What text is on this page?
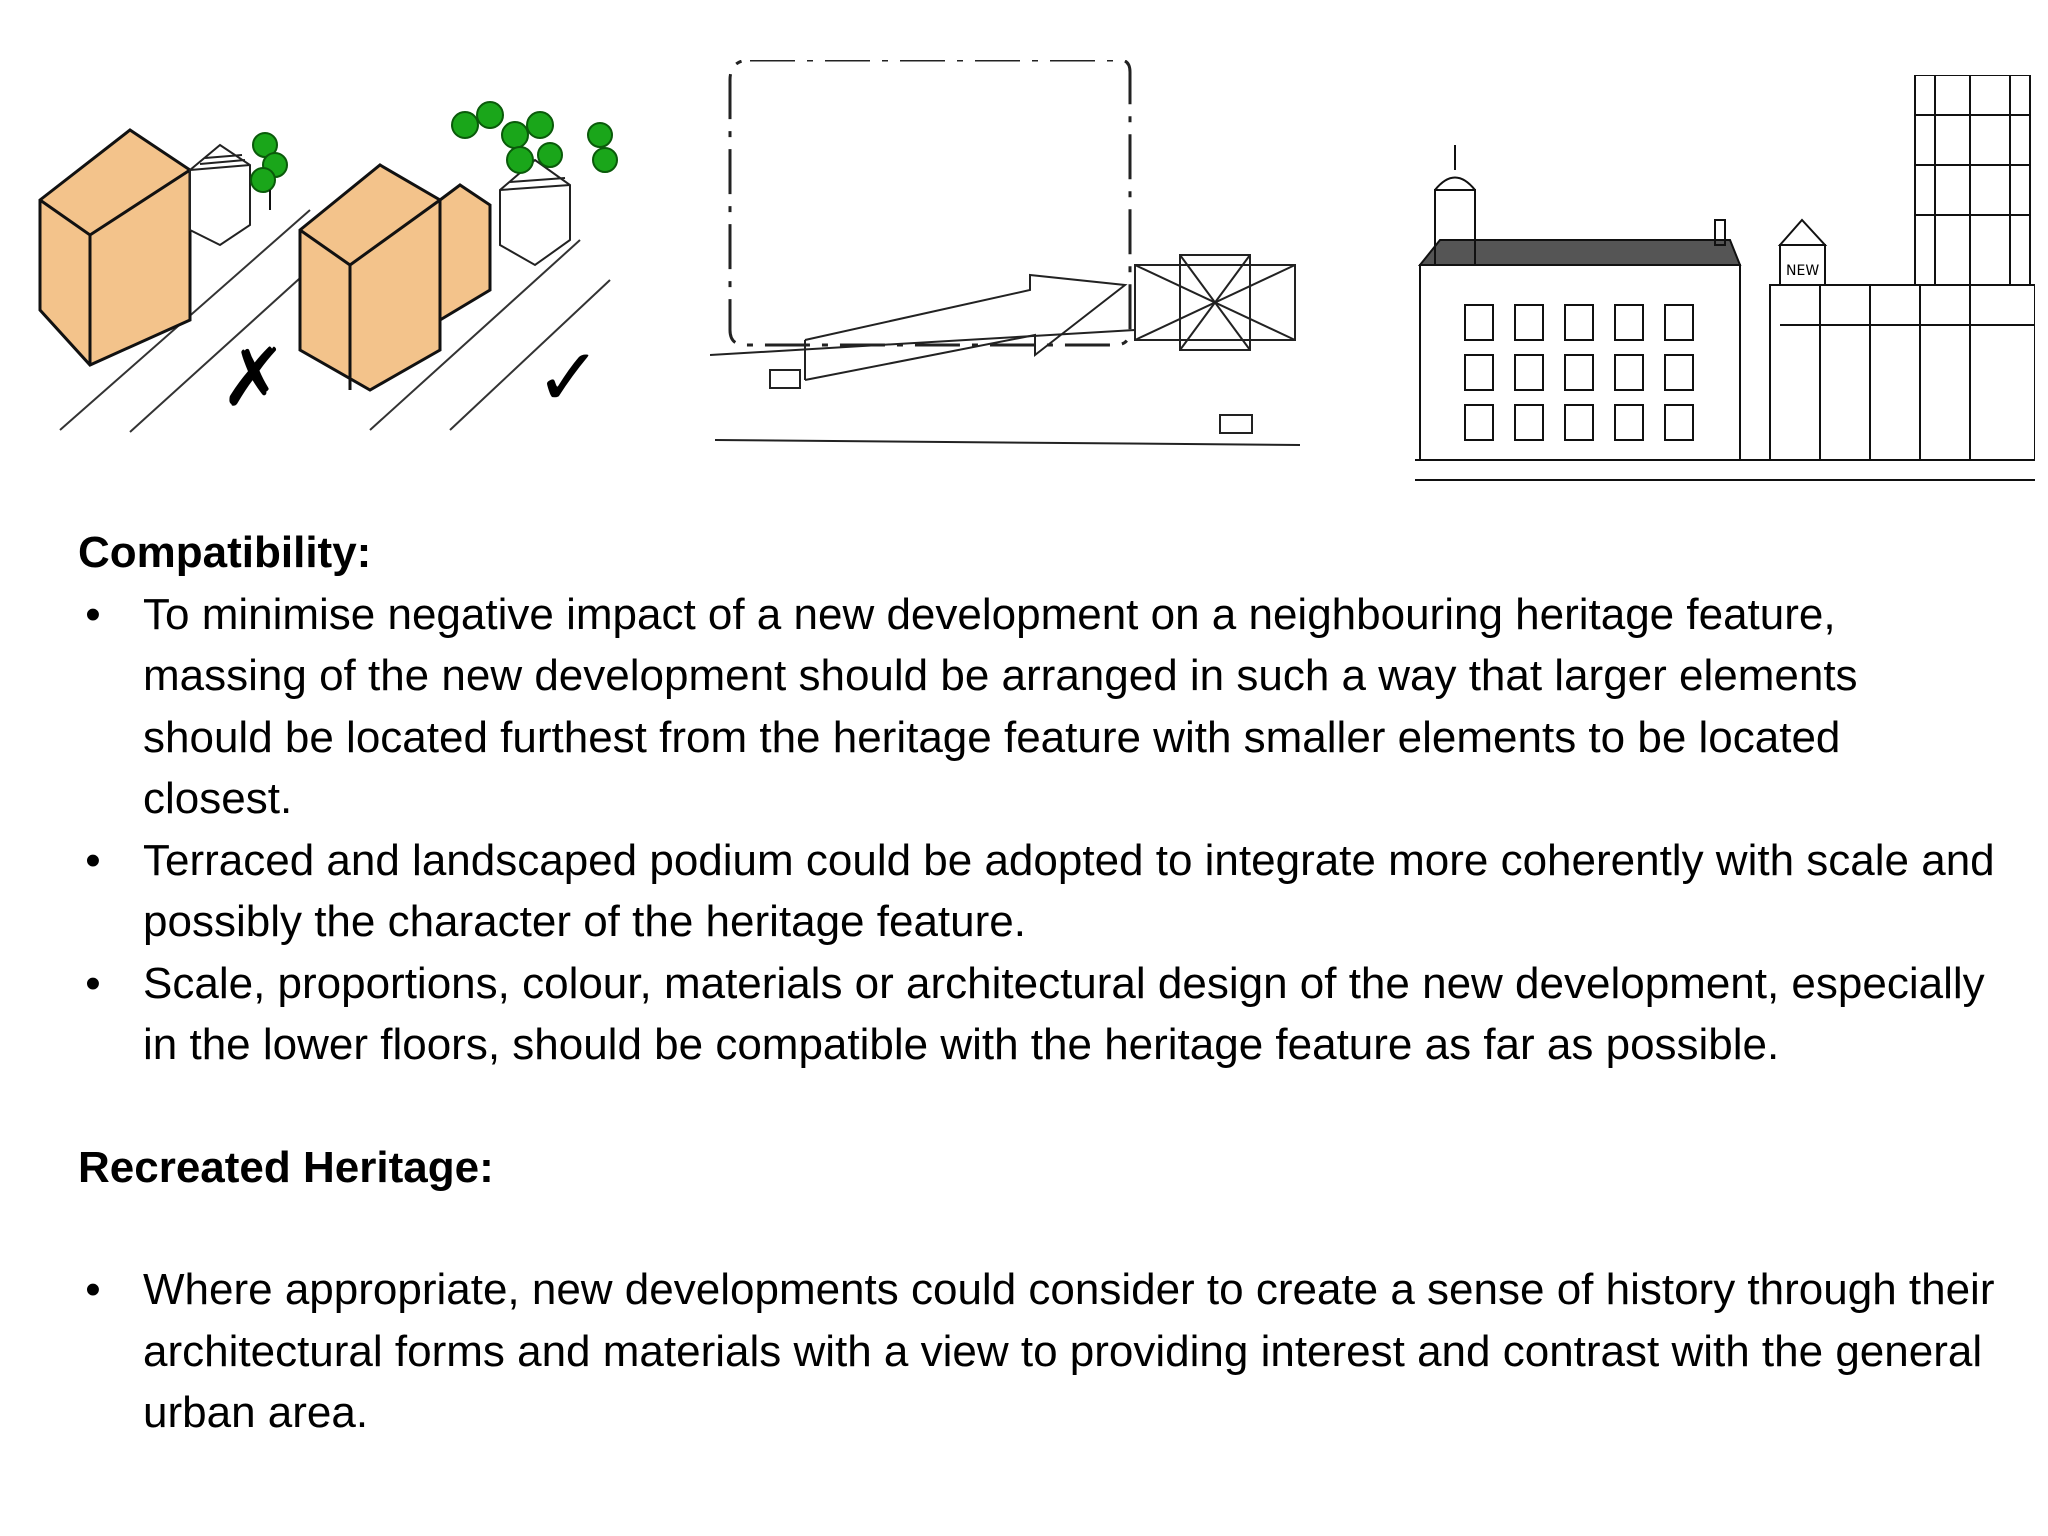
✗	✓
NEW

Compatibility:

• To minimise negative impact of a new development on a neighbouring heritage feature, massing of the new development should be arranged in such a way that larger elements should be located furthest from the heritage feature with smaller elements to be located closest.
• Terraced and landscaped podium could be adopted to integrate more coherently with scale and possibly the character of the heritage feature.
• Scale, proportions, colour, materials or architectural design of the new development, especially in the lower floors, should be compatible with the heritage feature as far as possible.

Recreated Heritage:

• Where appropriate, new developments could consider to create a sense of history through their architectural forms and materials with a view to providing interest and contrast with the general urban area.
